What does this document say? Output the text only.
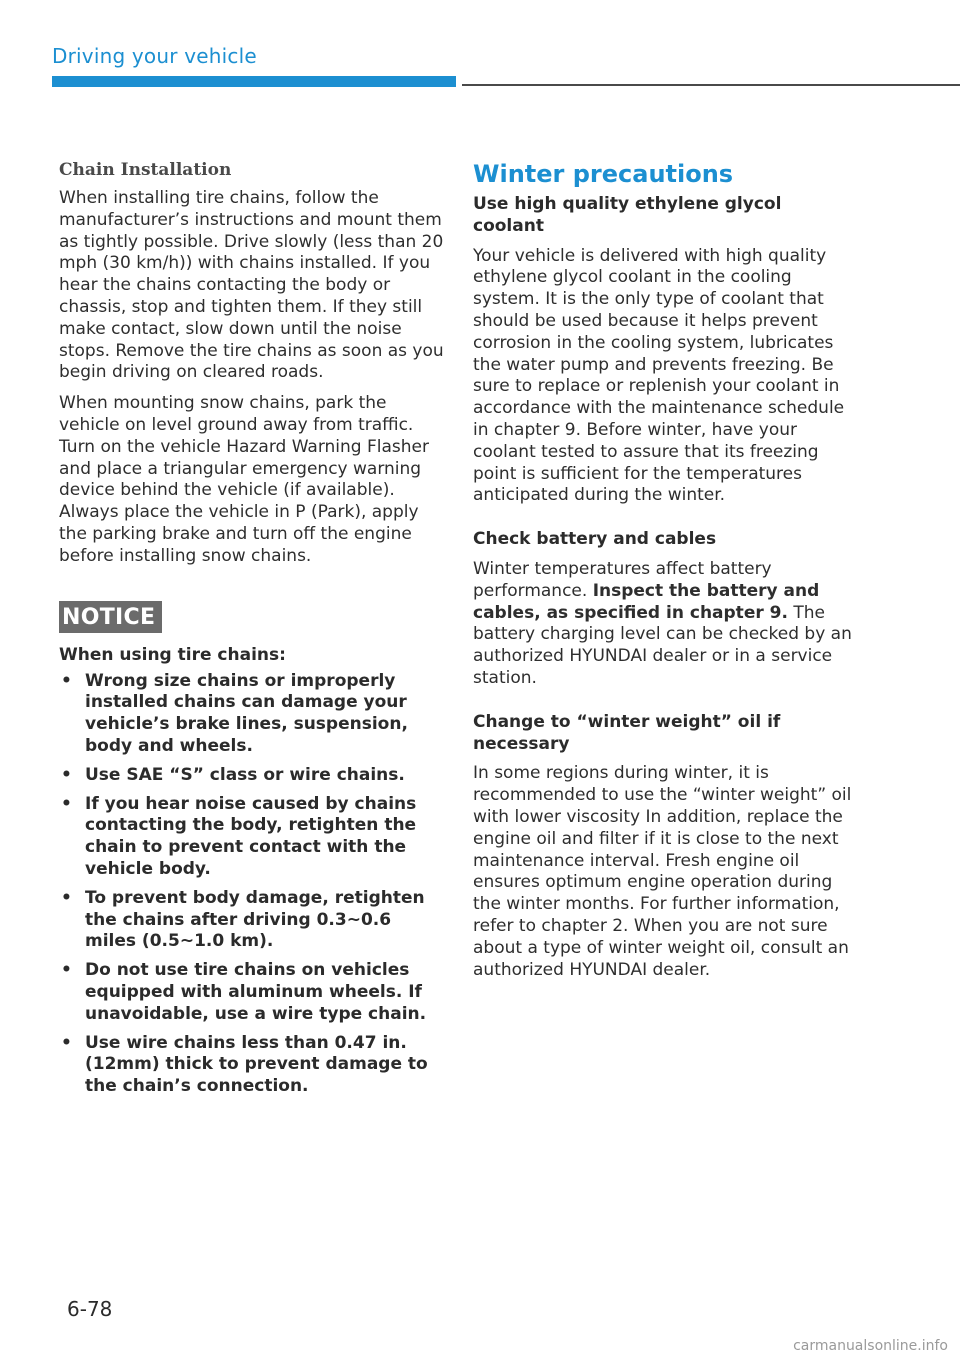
Driving your vehicle
Chain Installation

When installing tire chains, follow the manufacturer’s instructions and mount them as tightly possible. Drive slowly (less than 20 mph (30 km/h)) with chains installed. If you hear the chains contacting the body or chassis, stop and tighten them. If they still make contact, slow down until the noise stops. Remove the tire chains as soon as you begin driving on cleared roads.

When mounting snow chains, park the vehicle on level ground away from traffic. Turn on the vehicle Hazard Warning Flasher and place a triangular emergency warning device behind the vehicle (if available). Always place the vehicle in P (Park), apply the parking brake and turn off the engine before installing snow chains.

NOTICE
When using tire chains:
• Wrong size chains or improperly installed chains can damage your vehicle’s brake lines, suspension, body and wheels.
• Use SAE “S” class or wire chains.
• If you hear noise caused by chains contacting the body, retighten the chain to prevent contact with the vehicle body.
• To prevent body damage, retighten the chains after driving 0.3~0.6 miles (0.5~1.0 km).
• Do not use tire chains on vehicles equipped with aluminum wheels. If unavoidable, use a wire type chain.
• Use wire chains less than 0.47 in. (12mm) thick to prevent damage to the chain’s connection.
Winter precautions
Use high quality ethylene glycol coolant

Your vehicle is delivered with high quality ethylene glycol coolant in the cooling system. It is the only type of coolant that should be used because it helps prevent corrosion in the cooling system, lubricates the water pump and prevents freezing. Be sure to replace or replenish your coolant in accordance with the maintenance schedule in chapter 9. Before winter, have your coolant tested to assure that its freezing point is sufficient for the temperatures anticipated during the winter.

Check battery and cables

Winter temperatures affect battery performance. Inspect the battery and cables, as specified in chapter 9. The battery charging level can be checked by an authorized HYUNDAI dealer or in a service station.

Change to “winter weight” oil if necessary

In some regions during winter, it is recommended to use the “winter weight” oil with lower viscosity In addition, replace the engine oil and filter if it is close to the next maintenance interval. Fresh engine oil ensures optimum engine operation during the winter months. For further information, refer to chapter 2. When you are not sure about a type of winter weight oil, consult an authorized HYUNDAI dealer.

6-78
carmanualsonline.info
